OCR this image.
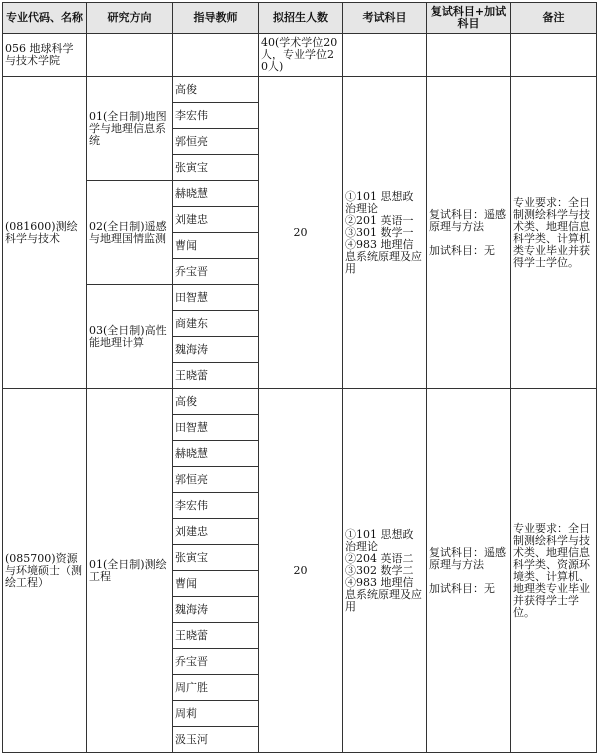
专业代码、名称	研究方向	指导教师	拟招生人数	考试科目	复试科目+加试科目	备注
056 地球科学与技术学院			40(学术学位20人，专业学位20人)			
(081600)测绘科学与技术	01(全日制)地图学与地理信息系统	高俊	20	①101 思想政治理论
②201 英语一
③301 数学一
④983 地理信息系统原理及应用	复试科目：遥感原理与方法

加试科目：无	专业要求：全日制测绘科学与技术类、地理信息科学类、计算机类专业毕业并获得学士学位。
		李宏伟				
		郭恒亮				
		张寅宝				
	02(全日制)遥感与地理国情监测	赫晓慧				
		刘建忠				
		曹闻				
		乔宝晋				
	03(全日制)高性能地理计算	田智慧				
		商建东				
		魏海涛				
		王晓蕾				
(085700)资源与环境硕士（测绘工程）	01(全日制)测绘工程	高俊	20	①101 思想政治理论
②204 英语二
③302 数学二
④983 地理信息系统原理及应用	复试科目：遥感原理与方法

加试科目：无	专业要求：全日制测绘科学与技术类、地理信息科学类、资源环境类、计算机、地理类专业毕业并获得学士学位。
		田智慧				
		赫晓慧				
		郭恒亮				
		李宏伟				
		刘建忠				
		张寅宝				
		曹闻				
		魏海涛				
		王晓蕾				
		乔宝晋				
		周广胜				
		周莉				
		汲玉河				
